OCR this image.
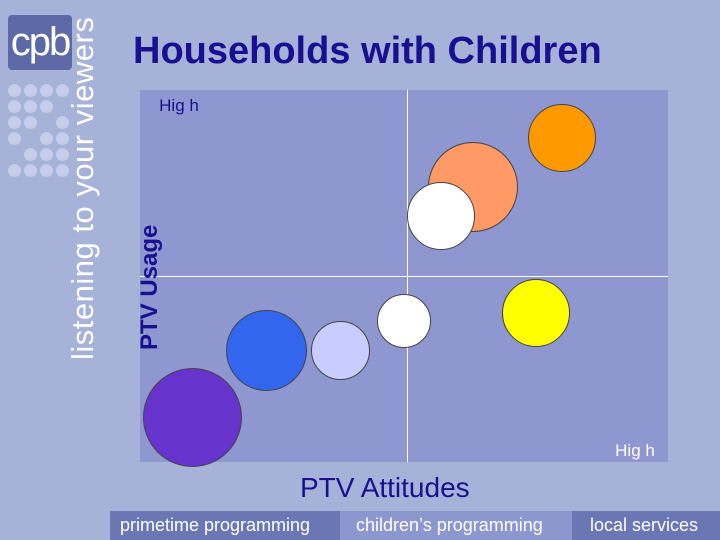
cpb
listening to your viewers Households with Children
PTV Usage
Hig h
PTV Attitudes
Hig h
primetime programming	children’s programming	local services
